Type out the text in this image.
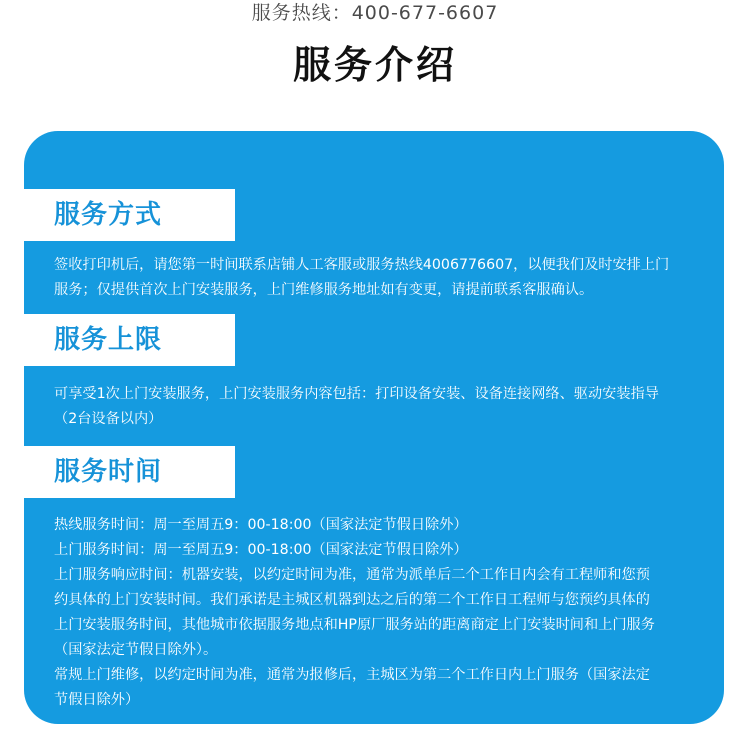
服务热线：400-677-6607
服务介绍
服务方式
签收打印机后，请您第一时间联系店铺人工客服或服务热线4006776607，以便我们及时安排上门
服务；仅提供首次上门安装服务，上门维修服务地址如有变更，请提前联系客服确认。
服务上限
可享受1次上门安装服务，上门安装服务内容包括：打印设备安装、设备连接网络、驱动安装指导
（2台设备以内）
服务时间
热线服务时间：周一至周五9：00-18:00（国家法定节假日除外）
上门服务时间：周一至周五9：00-18:00（国家法定节假日除外）
上门服务响应时间：机器安装，以约定时间为准，通常为派单后二个工作日内会有工程师和您预
约具体的上门安装时间。我们承诺是主城区机器到达之后的第二个工作日工程师与您预约具体的
上门安装服务时间，其他城市依据服务地点和HP原厂服务站的距离商定上门安装时间和上门服务
（国家法定节假日除外）。
常规上门维修，以约定时间为准，通常为报修后，主城区为第二个工作日内上门服务（国家法定
节假日除外）
